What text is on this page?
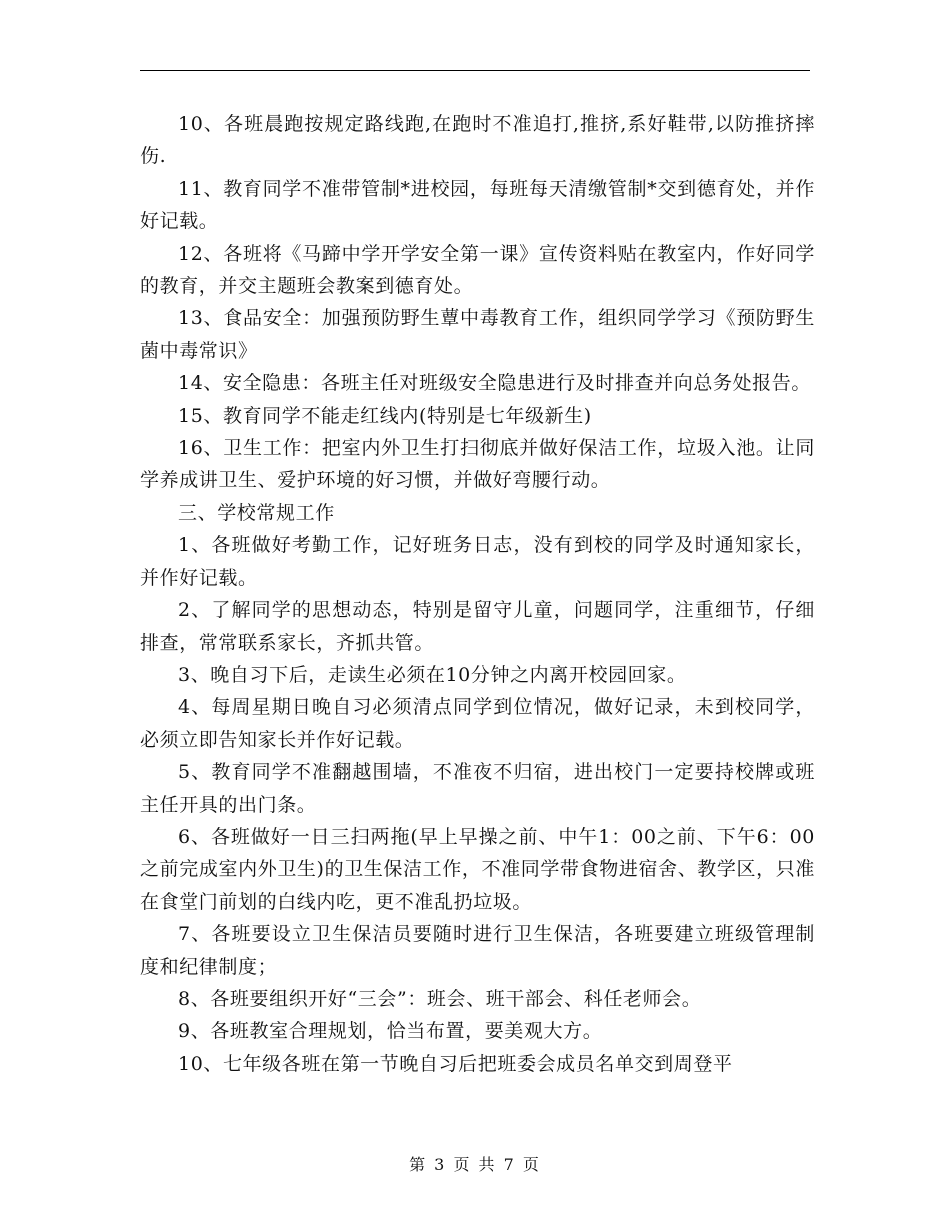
10、各班晨跑按规定路线跑,在跑时不准追打,推挤,系好鞋带,以防推挤摔伤.

11、教育同学不准带管制*进校园，每班每天清缴管制*交到德育处，并作好记载。

12、各班将《马蹄中学开学安全第一课》宣传资料贴在教室内，作好同学的教育，并交主题班会教案到德育处。

13、食品安全：加强预防野生蕈中毒教育工作，组织同学学习《预防野生菌中毒常识》

14、安全隐患：各班主任对班级安全隐患进行及时排查并向总务处报告。

15、教育同学不能走红线内(特别是七年级新生)

16、卫生工作：把室内外卫生打扫彻底并做好保洁工作，垃圾入池。让同学养成讲卫生、爱护环境的好习惯，并做好弯腰行动。

三、学校常规工作

1、各班做好考勤工作，记好班务日志，没有到校的同学及时通知家长，并作好记载。

2、了解同学的思想动态，特别是留守儿童，问题同学，注重细节，仔细排查，常常联系家长，齐抓共管。

3、晚自习下后，走读生必须在10分钟之内离开校园回家。

4、每周星期日晚自习必须清点同学到位情况，做好记录，未到校同学，必须立即告知家长并作好记载。

5、教育同学不准翻越围墙，不准夜不归宿，进出校门一定要持校牌或班主任开具的出门条。

6、各班做好一日三扫两拖(早上早操之前、中午1：00之前、下午6：00之前完成室内外卫生)的卫生保洁工作，不准同学带食物进宿舍、教学区，只准在食堂门前划的白线内吃，更不准乱扔垃圾。

7、各班要设立卫生保洁员要随时进行卫生保洁，各班要建立班级管理制度和纪律制度；

8、各班要组织开好“三会”：班会、班干部会、科任老师会。

9、各班教室合理规划，恰当布置，要美观大方。

10、七年级各班在第一节晚自习后把班委会成员名单交到周登平

第 3 页 共 7 页
